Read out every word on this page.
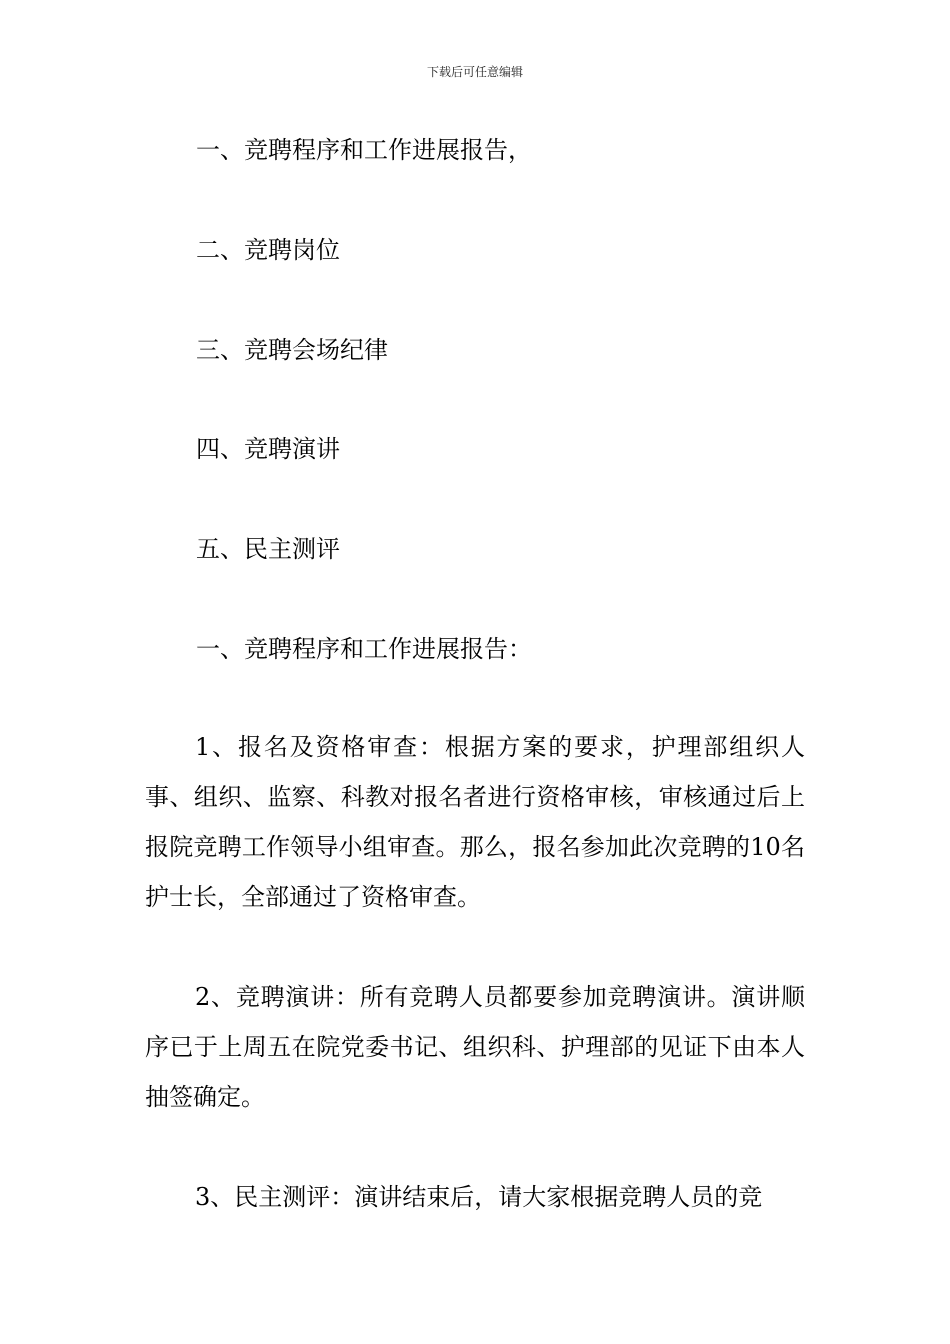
下载后可任意编辑
一、竞聘程序和工作进展报告，
二、竞聘岗位
三、竞聘会场纪律
四、竞聘演讲
五、民主测评
一、竞聘程序和工作进展报告：

1、报名及资格审查：根据方案的要求，护理部组织人事、组织、监察、科教对报名者进行资格审核，审核通过后上报院竞聘工作领导小组审查。那么，报名参加此次竞聘的10名护士长，全部通过了资格审查。

2、竞聘演讲：所有竞聘人员都要参加竞聘演讲。演讲顺序已于上周五在院党委书记、组织科、护理部的见证下由本人抽签确定。

3、民主测评：演讲结束后，请大家根据竞聘人员的竞
